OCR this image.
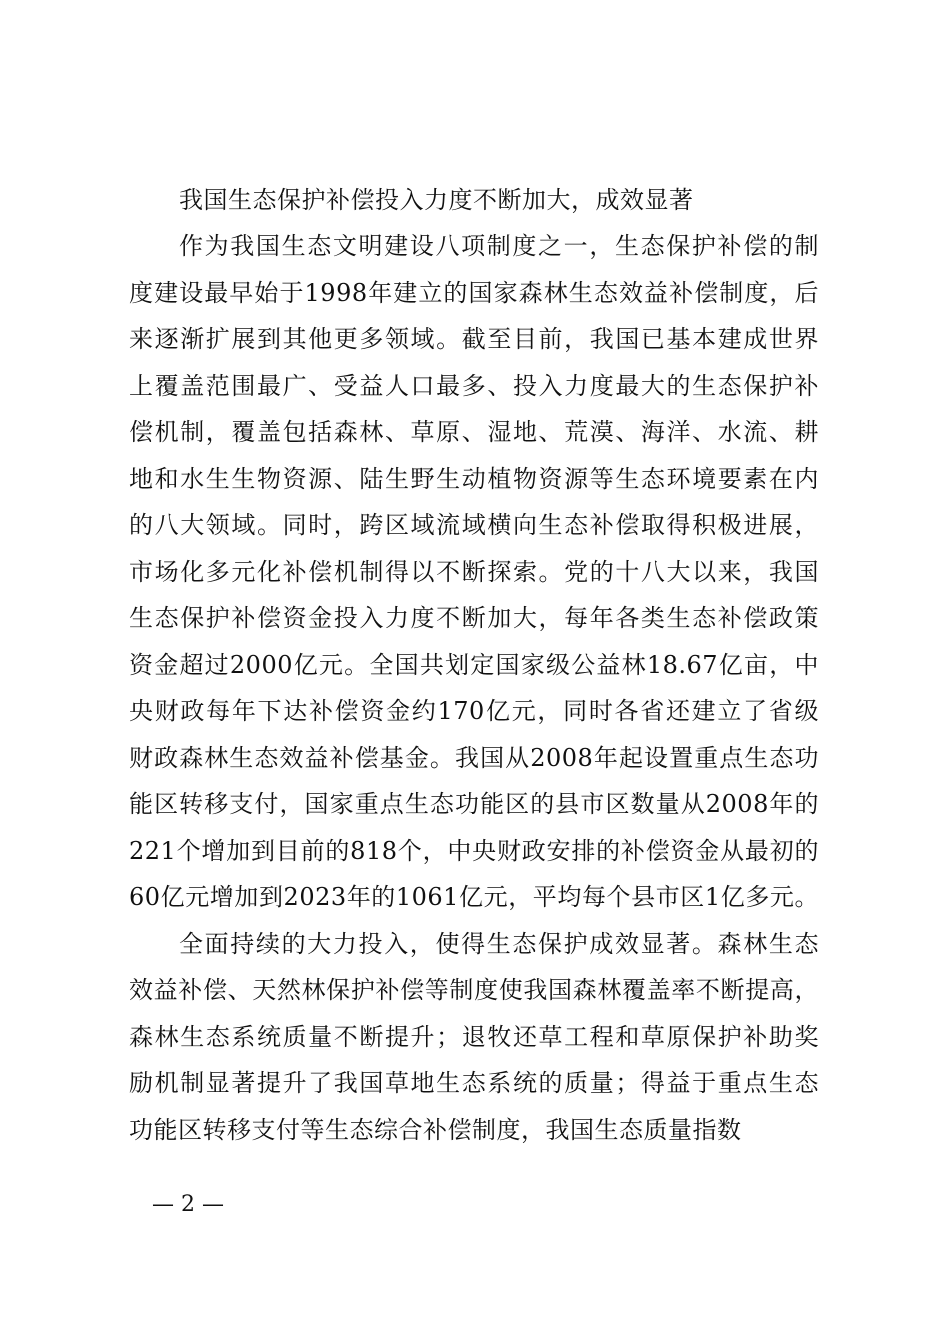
我国生态保护补偿投入力度不断加大，成效显著
作为我国生态文明建设八项制度之一，生态保护补偿的制
度建设最早始于1998年建立的国家森林生态效益补偿制度，后
来逐渐扩展到其他更多领域。截至目前，我国已基本建成世界
上覆盖范围最广、受益人口最多、投入力度最大的生态保护补
偿机制，覆盖包括森林、草原、湿地、荒漠、海洋、水流、耕
地和水生生物资源、陆生野生动植物资源等生态环境要素在内
的八大领域。同时，跨区域流域横向生态补偿取得积极进展，
市场化多元化补偿机制得以不断探索。党的十八大以来，我国
生态保护补偿资金投入力度不断加大，每年各类生态补偿政策
资金超过2000亿元。全国共划定国家级公益林18.67亿亩，中
央财政每年下达补偿资金约170亿元，同时各省还建立了省级
财政森林生态效益补偿基金。我国从2008年起设置重点生态功
能区转移支付，国家重点生态功能区的县市区数量从2008年的
221个增加到目前的818个，中央财政安排的补偿资金从最初的
60亿元增加到2023年的1061亿元，平均每个县市区1亿多元。
全面持续的大力投入，使得生态保护成效显著。森林生态
效益补偿、天然林保护补偿等制度使我国森林覆盖率不断提高，
森林生态系统质量不断提升；退牧还草工程和草原保护补助奖
励机制显著提升了我国草地生态系统的质量；得益于重点生态
功能区转移支付等生态综合补偿制度，我国生态质量指数
— 2 —
